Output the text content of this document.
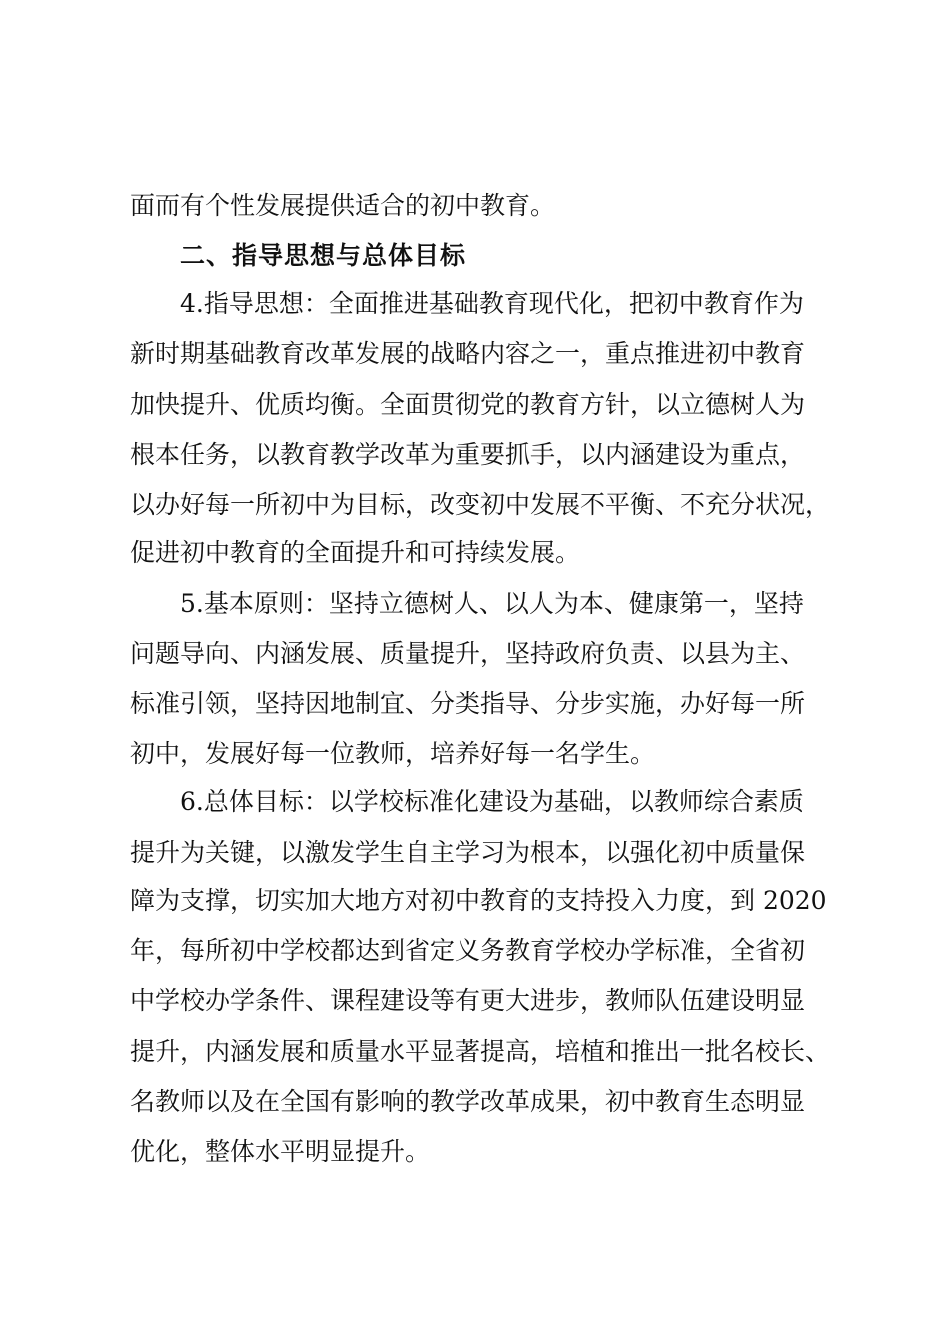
面而有个性发展提供适合的初中教育。
二、指导思想与总体目标
4.指导思想：全面推进基础教育现代化，把初中教育作为
新时期基础教育改革发展的战略内容之一，重点推进初中教育
加快提升、优质均衡。全面贯彻党的教育方针，以立德树人为
根本任务，以教育教学改革为重要抓手，以内涵建设为重点，
以办好每一所初中为目标，改变初中发展不平衡、不充分状况，
促进初中教育的全面提升和可持续发展。
5.基本原则：坚持立德树人、以人为本、健康第一，坚持
问题导向、内涵发展、质量提升，坚持政府负责、以县为主、
标准引领，坚持因地制宜、分类指导、分步实施，办好每一所
初中，发展好每一位教师，培养好每一名学生。
6.总体目标：以学校标准化建设为基础，以教师综合素质
提升为关键，以激发学生自主学习为根本，以强化初中质量保
障为支撑，切实加大地方对初中教育的支持投入力度，到 2020
年，每所初中学校都达到省定义务教育学校办学标准，全省初
中学校办学条件、课程建设等有更大进步，教师队伍建设明显
提升，内涵发展和质量水平显著提高，培植和推出一批名校长、
名教师以及在全国有影响的教学改革成果，初中教育生态明显
优化，整体水平明显提升。
